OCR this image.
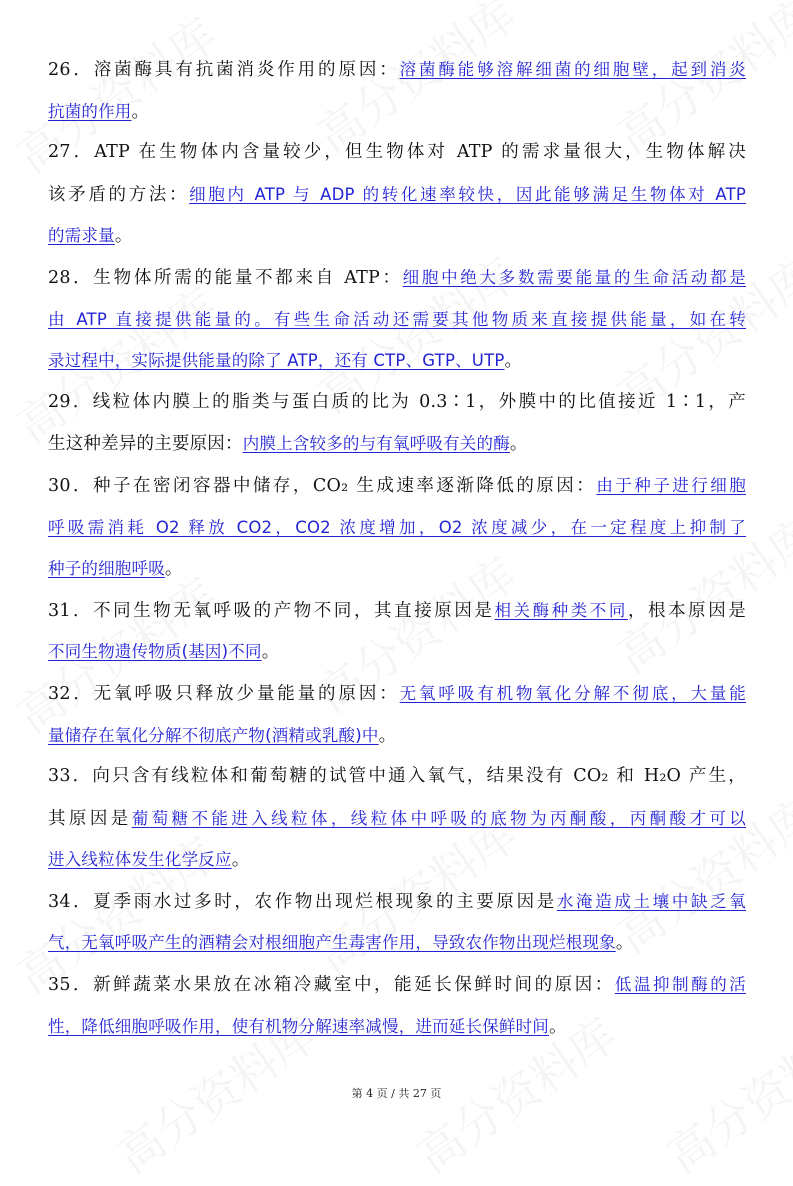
26．溶菌酶具有抗菌消炎作用的原因：溶菌酶能够溶解细菌的细胞壁，起到消炎
抗菌的作用。
27．ATP 在生物体内含量较少，但生物体对 ATP 的需求量很大，生物体解决
该矛盾的方法：细胞内 ATP 与 ADP 的转化速率较快，因此能够满足生物体对 ATP
的需求量。
28．生物体所需的能量不都来自 ATP：细胞中绝大多数需要能量的生命活动都是
由 ATP 直接提供能量的。有些生命活动还需要其他物质来直接提供能量，如在转
录过程中，实际提供能量的除了 ATP，还有 CTP、GTP、UTP。
29．线粒体内膜上的脂类与蛋白质的比为 0.3∶1，外膜中的比值接近 1∶1，产
生这种差异的主要原因：内膜上含较多的与有氧呼吸有关的酶。
30．种子在密闭容器中储存，CO₂ 生成速率逐渐降低的原因：由于种子进行细胞
呼吸需消耗 O2 释放 CO2，CO2 浓度增加，O2 浓度减少，在一定程度上抑制了
种子的细胞呼吸。
31．不同生物无氧呼吸的产物不同，其直接原因是相关酶种类不同，根本原因是
不同生物遗传物质(基因)不同。
32．无氧呼吸只释放少量能量的原因：无氧呼吸有机物氧化分解不彻底，大量能
量储存在氧化分解不彻底产物(酒精或乳酸)中。
33．向只含有线粒体和葡萄糖的试管中通入氧气，结果没有 CO₂ 和 H₂O 产生，
其原因是葡萄糖不能进入线粒体，线粒体中呼吸的底物为丙酮酸，丙酮酸才可以
进入线粒体发生化学反应。
34．夏季雨水过多时，农作物出现烂根现象的主要原因是水淹造成土壤中缺乏氧
气，无氧呼吸产生的酒精会对根细胞产生毒害作用，导致农作物出现烂根现象。
35．新鲜蔬菜水果放在冰箱冷藏室中，能延长保鲜时间的原因：低温抑制酶的活
性，降低细胞呼吸作用，使有机物分解速率减慢，进而延长保鲜时间。
第 4 页 / 共 27 页
